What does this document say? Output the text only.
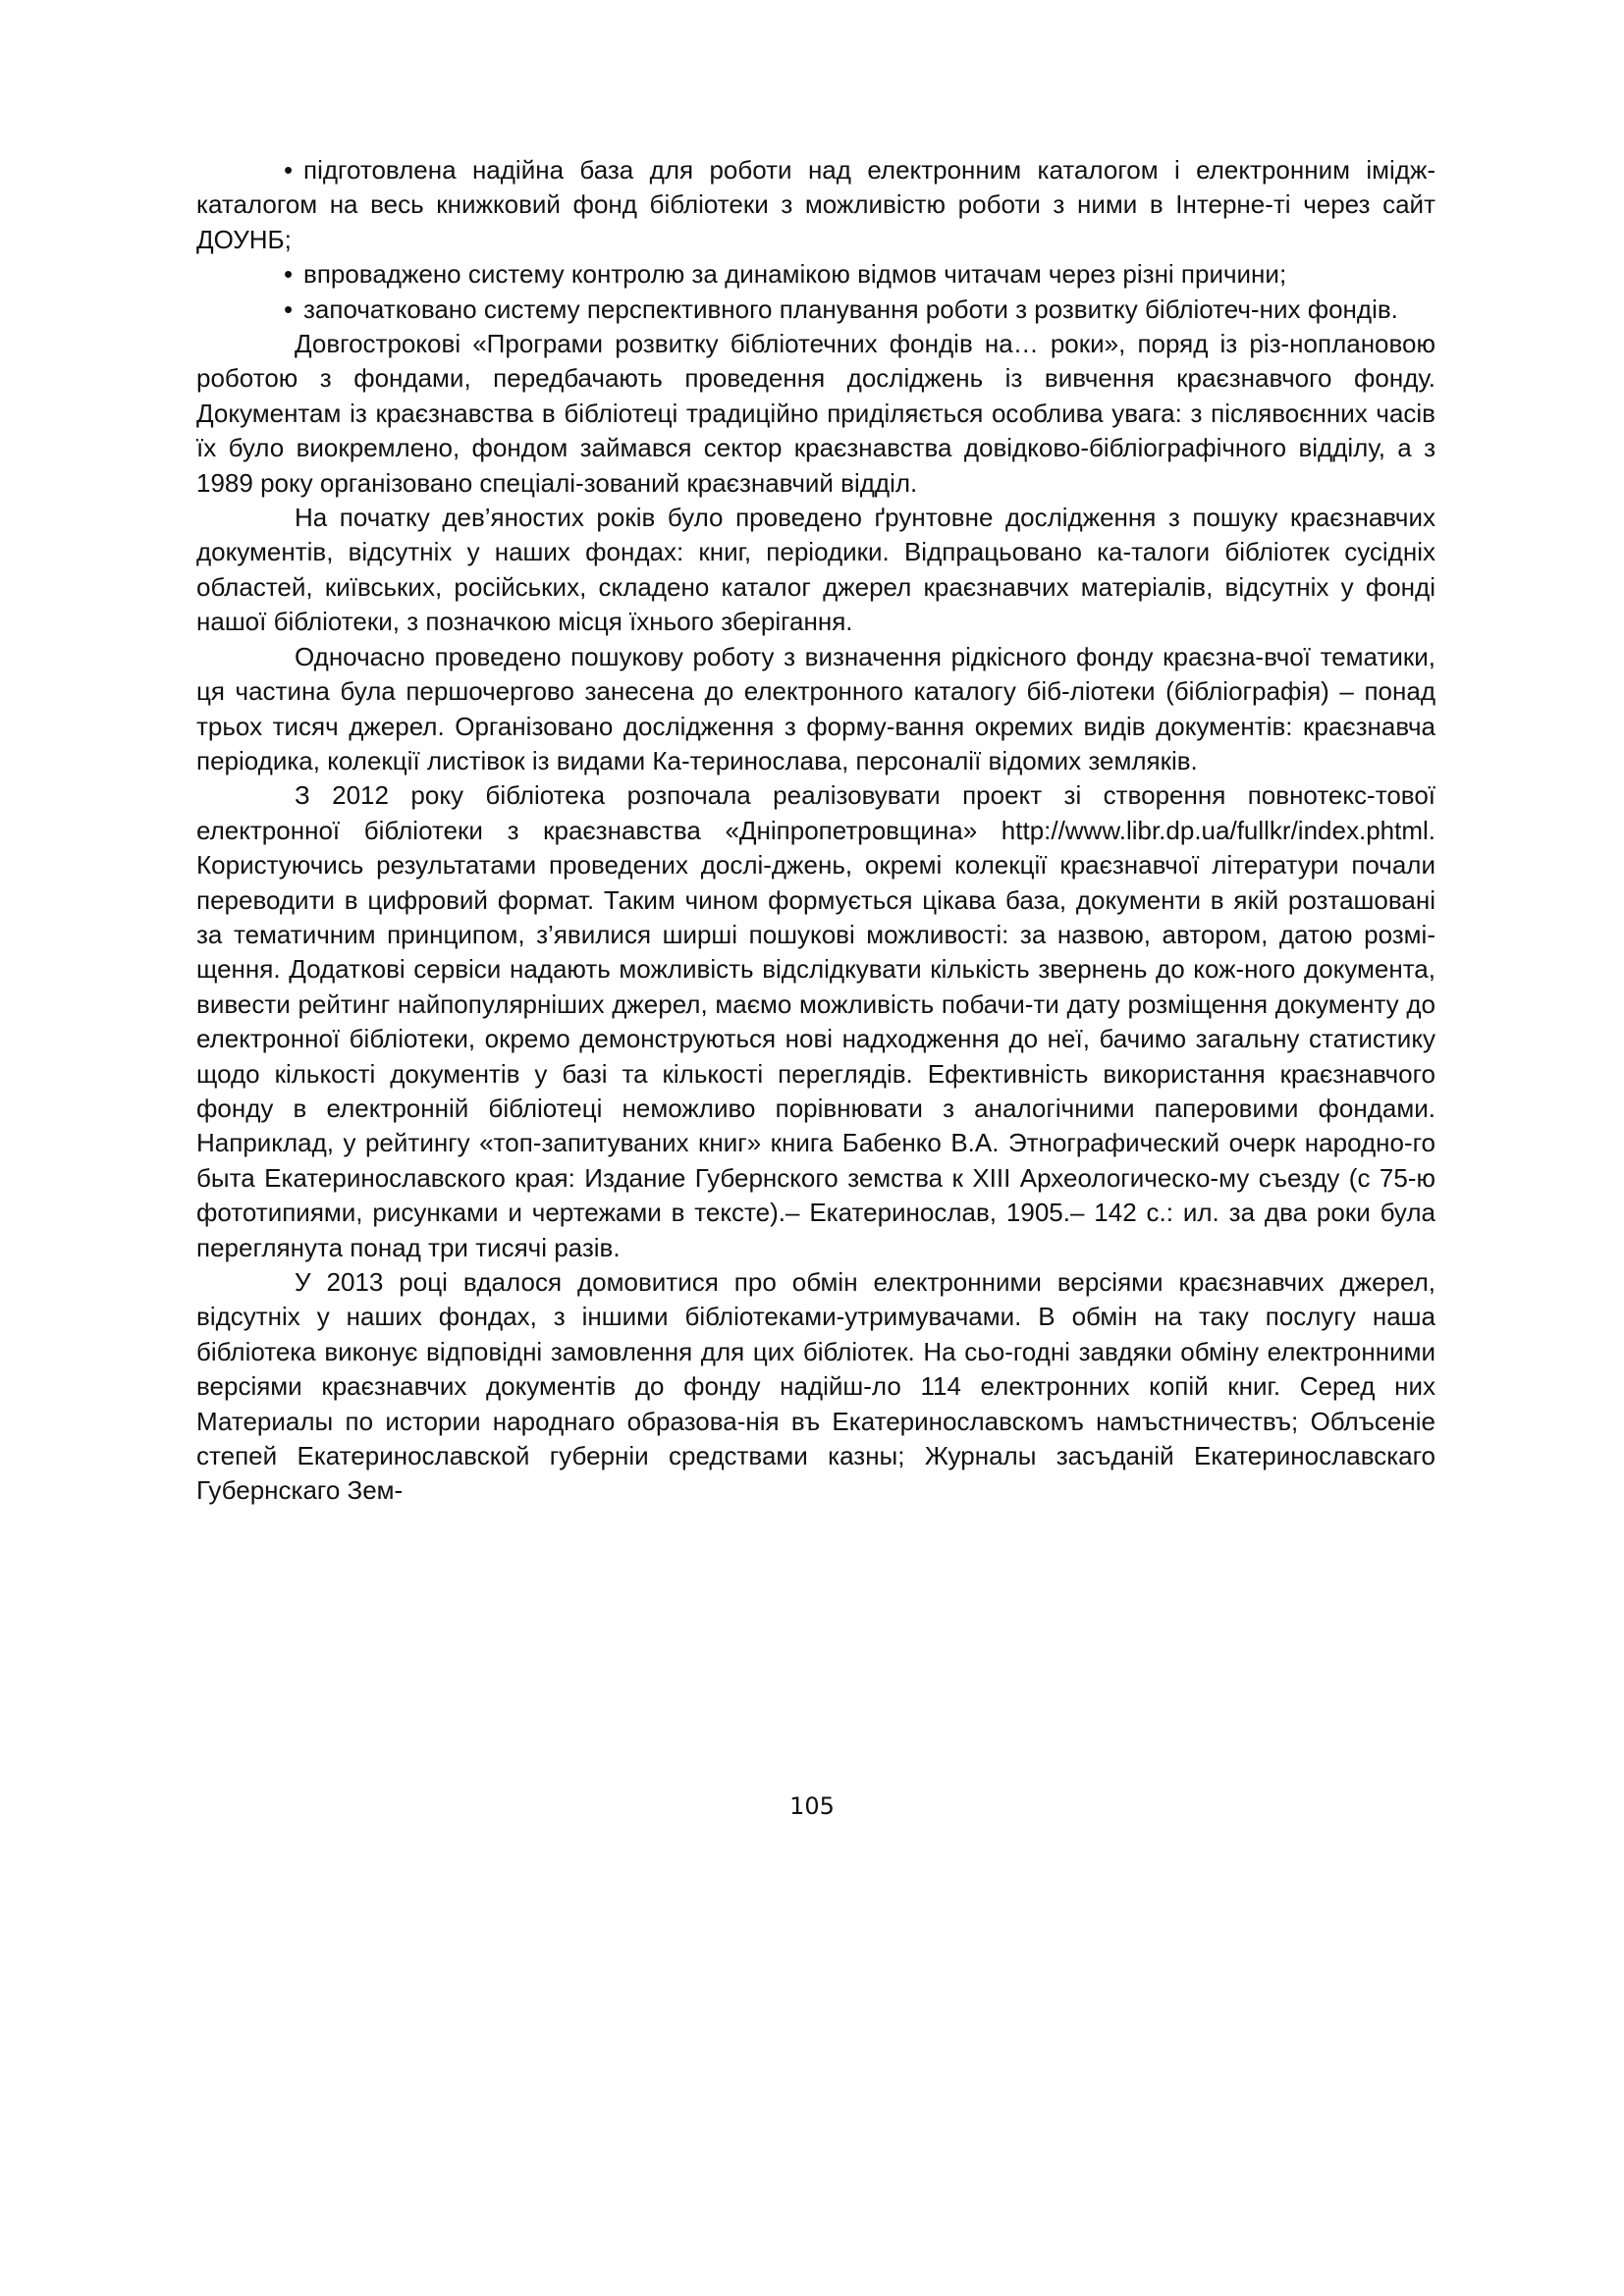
• підготовлена надійна база для роботи над електронним каталогом і електронним імідж-каталогом на весь книжковий фонд бібліотеки з можливістю роботи з ними в Інтерне-ті через сайт ДОУНБ;

• впроваджено систему контролю за динамікою відмов читачам через різні причини;

• започатковано систему перспективного планування роботи з розвитку бібліотеч-них фондів.

Довгострокові «Програми розвитку бібліотечних фондів на… роки», поряд із різ-нoплановою роботою з фондами, передбачають проведення досліджень із вивчення краєзнавчого фонду. Документам із краєзнавства в бібліотеці традиційно приділяється особлива увага: з післявоєнних часів їх було виокремлено, фондом займався сектор краєзнавства довідково-бібліографічного відділу, а з 1989 року організовано спеціалі-зований краєзнавчий відділ.

На початку дев’яностих років було проведено ґрунтовне дослідження з пошуку краєзнавчих документів, відсутніх у наших фондах: книг, періодики. Відпрацьовано ка-талоги бібліотек сусідніх областей, київських, російських, складено каталог джерел краєзнавчих матеріалів, відсутніх у фонді нашої бібліотеки, з позначкою місця їхнього зберігання.

Одночасно проведено пошукову роботу з визначення рідкісного фонду краєзна-вчої тематики, ця частина була першочергово занесена до електронного каталогу біб-ліотеки (бібліографія) – понад трьох тисяч джерел. Організовано дослідження з форму-вання окремих видів документів: краєзнавча періодика, колекції листівок із видами Ка-теринослава, персоналії відомих земляків.

З 2012 року бібліотека розпочала реалізовувати проект зі створення повнотекс-тової електронної бібліотеки з краєзнавства «Дніпропетровщина» http://www.libr.dp.ua/fullkr/index.phtml. Користуючись результатами проведених дослі-джень, окремі колекції краєзнавчої літератури почали переводити в цифровий формат. Таким чином формується цікава база, документи в якій розташовані за тематичним принципом, з’явилися ширші пошукові можливості: за назвою, автором, датою розмі-щення. Додаткові сервіси надають можливість відслідкувати кількість звернень до кож-ного документа, вивести рейтинг найпопулярніших джерел, маємо можливість побачи-ти дату розміщення документу до електронної бібліотеки, окремо демонструються нові надходження до неї, бачимо загальну статистику щодо кількості документів у базі та кількості переглядів. Ефективність використання краєзнавчого фонду в електронній бібліотеці неможливо порівнювати з аналогічними паперовими фондами. Наприклад, у рейтингу «топ-запитуваних книг» книга Бабенко В.А. Этнографический очерк народно-го быта Екатеринославского края: Издание Губернского земства к XIII Археологическо-му съезду (с 75-ю фототипиями, рисунками и чертежами в тексте).– Екатеринослав, 1905.– 142 с.: ил. за два роки була переглянута понад три тисячі разів.

У 2013 році вдалося домовитися про обмін електронними версіями краєзнавчих джерел, відсутніх у наших фондах, з іншими бібліотеками-утримувачами. В обмін на таку послугу наша бібліотека виконує відповідні замовлення для цих бібліотек. На сьо-годні завдяки обміну електронними версіями краєзнавчих документів до фонду надійш-ло 114 електронних копій книг. Серед них Материалы по истории народнаго образова-нія въ Екатеринославскомъ намъстничествъ; Облъсеніе степей Екатеринославской губерніи средствами казны; Журналы засъданій Екатеринославскаго Губернскаго Зем-

105
